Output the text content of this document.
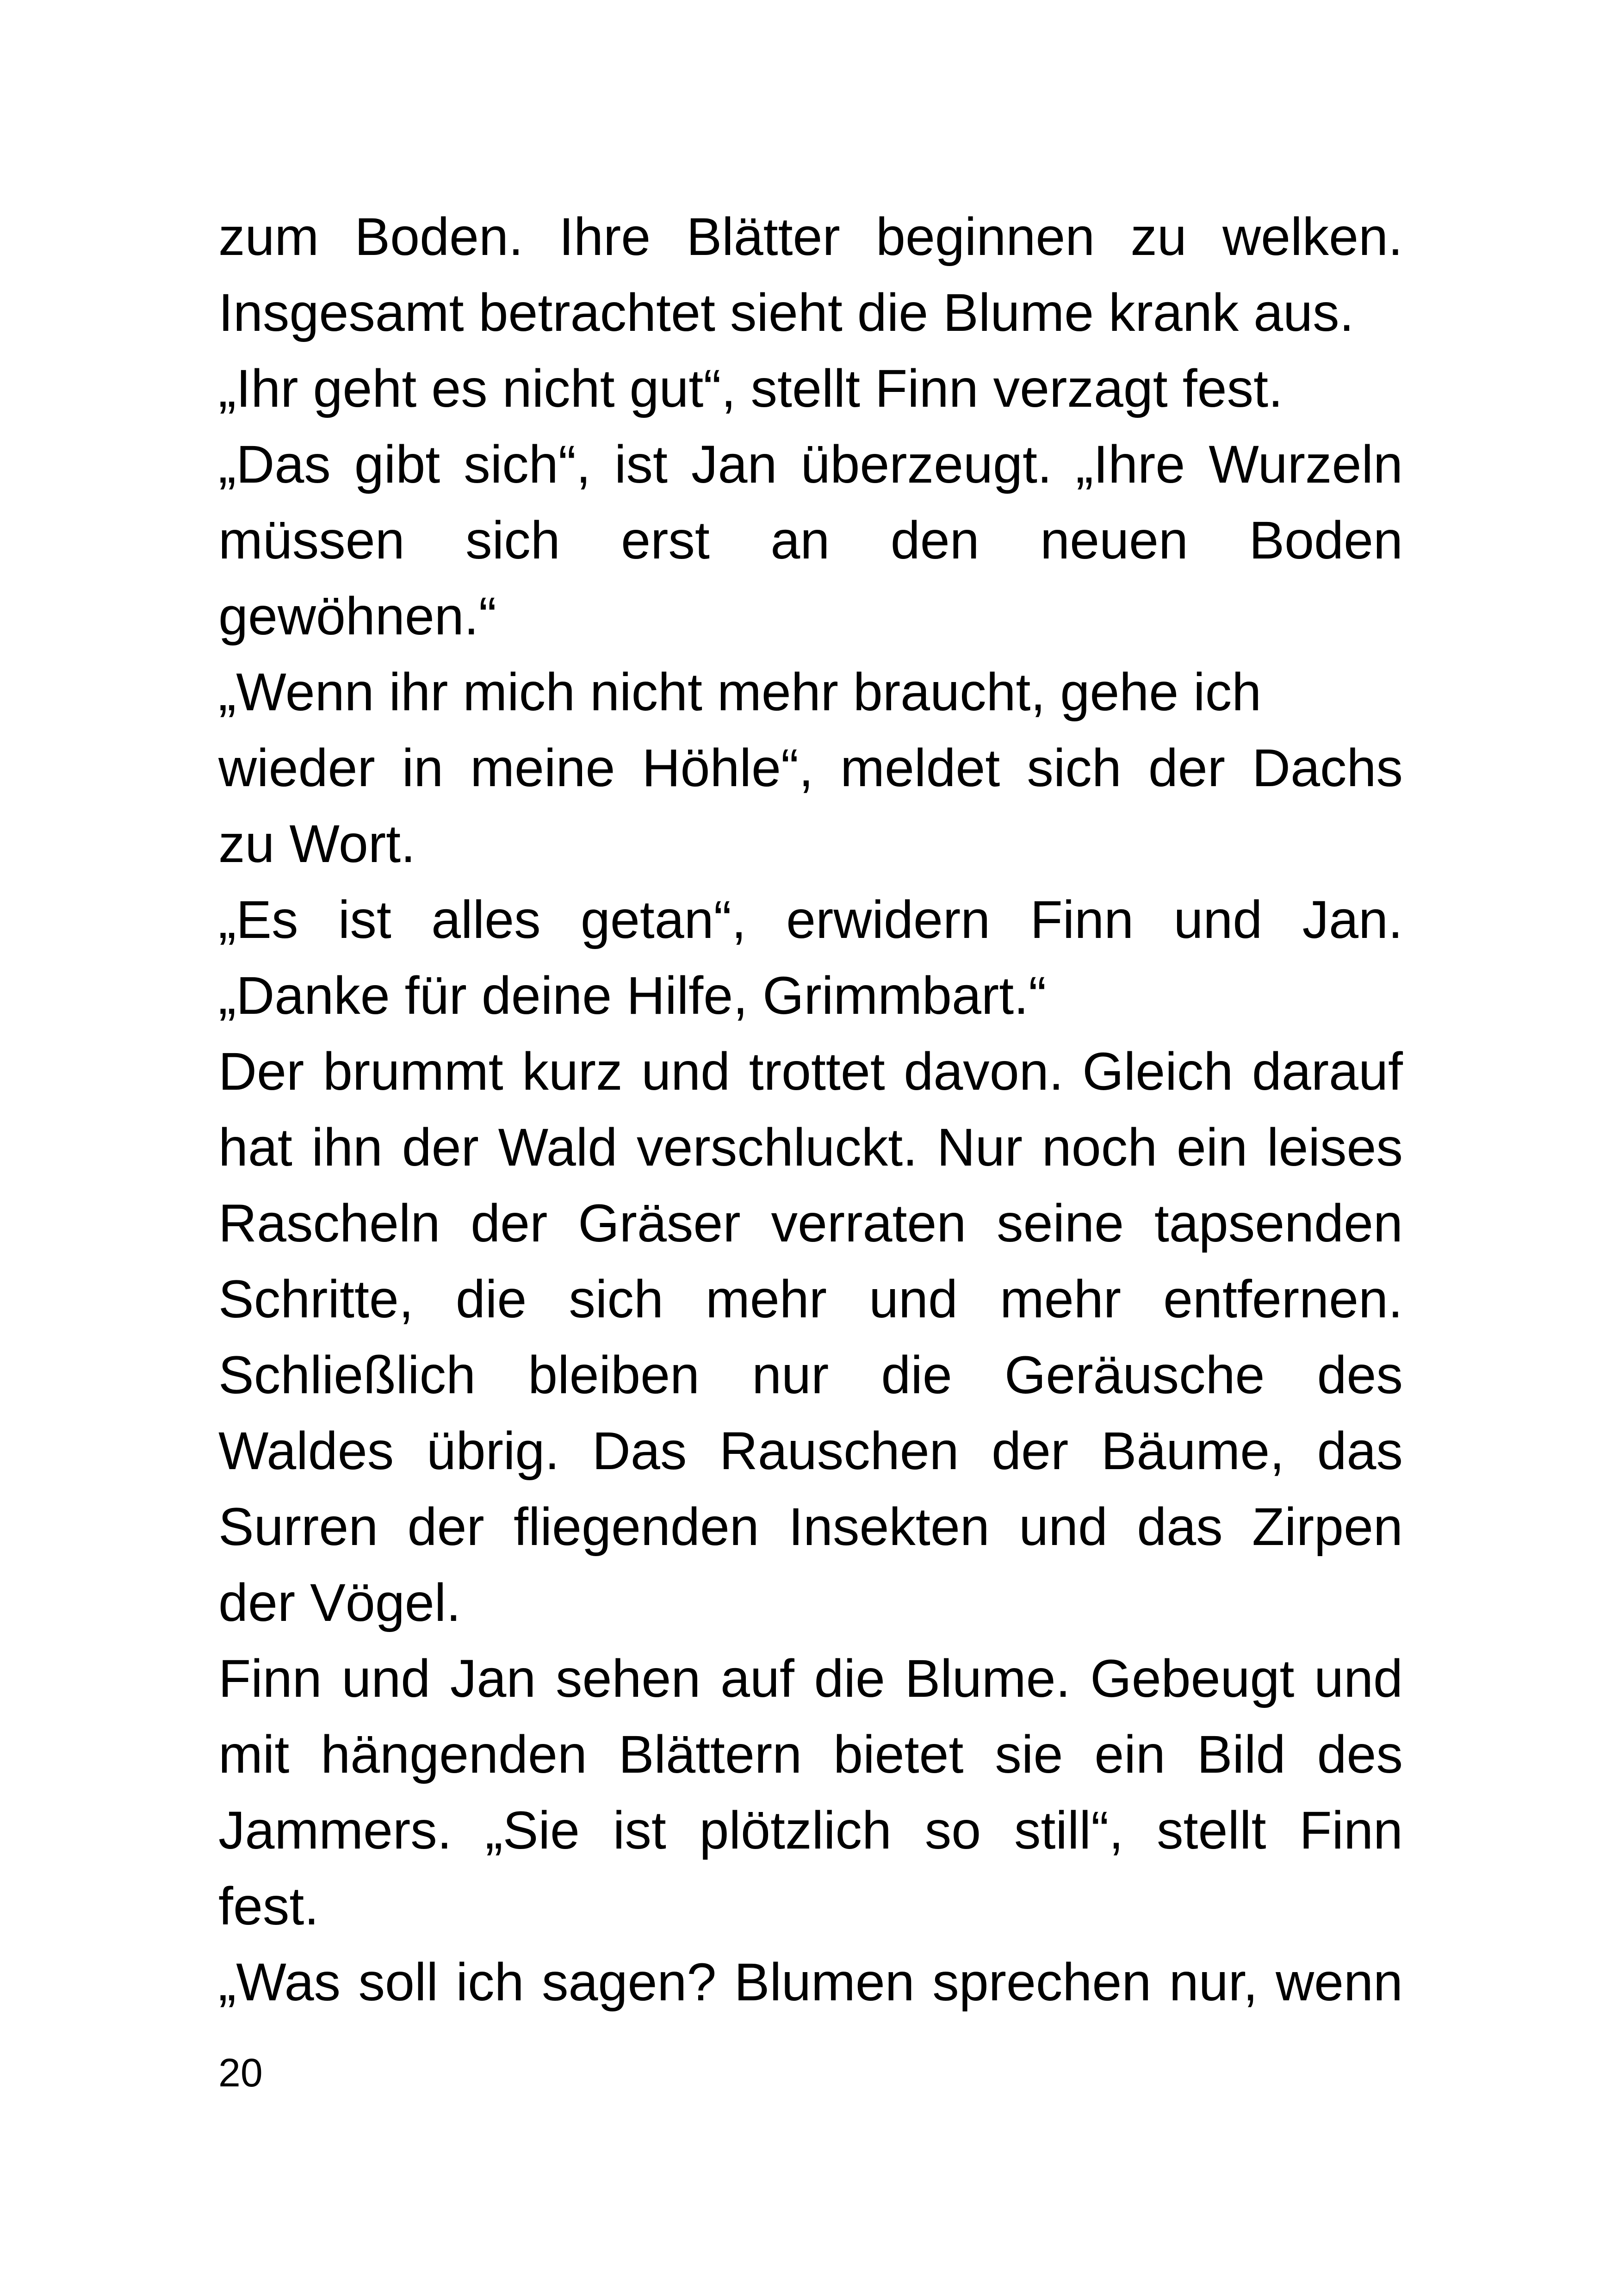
zum Boden. Ihre Blätter beginnen zu welken.
Insgesamt betrachtet sieht die Blume krank aus.
„Ihr geht es nicht gut“, stellt Finn verzagt fest.
„Das gibt sich“, ist Jan überzeugt. „Ihre Wurzeln
müssen sich erst an den neuen Boden
gewöhnen.“
„Wenn ihr mich nicht mehr braucht, gehe ich
wieder in meine Höhle“, meldet sich der Dachs
zu Wort.
„Es ist alles getan“, erwidern Finn und Jan.
„Danke für deine Hilfe, Grimmbart.“
Der brummt kurz und trottet davon. Gleich darauf
hat ihn der Wald verschluckt. Nur noch ein leises
Rascheln der Gräser verraten seine tapsenden
Schritte, die sich mehr und mehr entfernen.
Schließlich bleiben nur die Geräusche des
Waldes übrig. Das Rauschen der Bäume, das
Surren der fliegenden Insekten und das Zirpen
der Vögel.
Finn und Jan sehen auf die Blume. Gebeugt und
mit hängenden Blättern bietet sie ein Bild des
Jammers. „Sie ist plötzlich so still“, stellt Finn
fest.
„Was soll ich sagen? Blumen sprechen nur, wenn
20
